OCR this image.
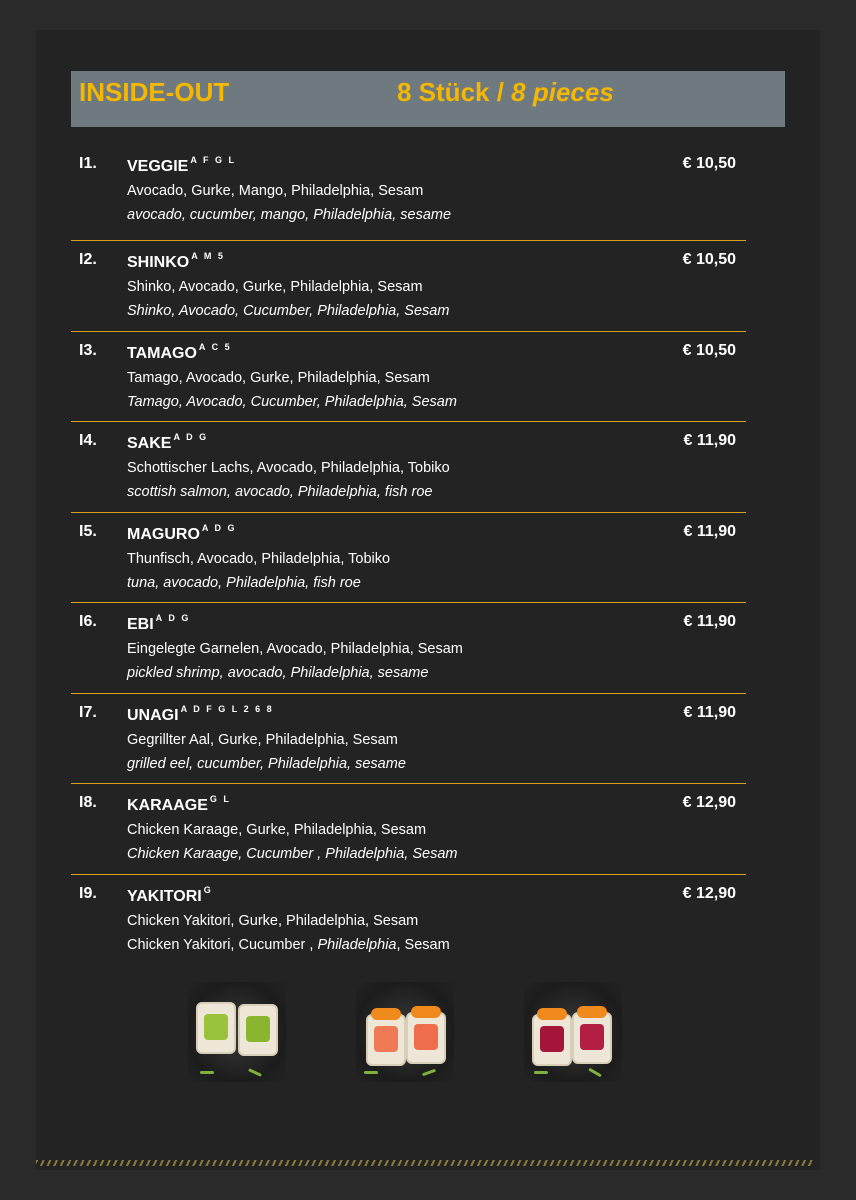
INSIDE-OUT	8 Stück / 8 pieces
I1. VEGGIE $^{A F G L}$	€ 10,50
Avocado, Gurke, Mango, Philadelphia, Sesam
avocado, cucumber, mango, Philadelphia, sesame
I2. SHINKO $^{A M 5}$	€ 10,50
Shinko, Avocado, Gurke, Philadelphia, Sesam
Shinko, Avocado, Cucumber, Philadelphia, Sesam
I3. TAMAGO $^{A C 5}$	€ 10,50
Tamago, Avocado, Gurke, Philadelphia, Sesam
Tamago, Avocado, Cucumber, Philadelphia, Sesam
I4. SAKE $^{A D G}$	€ 11,90
Schottischer Lachs, Avocado, Philadelphia, Tobiko
scottish salmon, avocado, Philadelphia, fish roe
I5. MAGURO $^{A D G}$	€ 11,90
Thunfisch, Avocado, Philadelphia, Tobiko
tuna, avocado, Philadelphia, fish roe
I6. EBI $^{A D G}$	€ 11,90
Eingelegte Garnelen, Avocado, Philadelphia, Sesam
pickled shrimp, avocado, Philadelphia, sesame
I7. UNAGI $^{A D F G L 2 6 8}$	€ 11,90
Gegrillter Aal, Gurke, Philadelphia, Sesam
grilled eel, cucumber, Philadelphia, sesame
I8. KARAAGE $^{G L}$	€ 12,90
Chicken Karaage, Gurke, Philadelphia, Sesam
Chicken Karaage, Cucumber , Philadelphia, Sesam
I9. YAKITORI $^G$	€ 12,90
Chicken Yakitori, Gurke, Philadelphia, Sesam
Chicken Yakitori, Cucumber , Philadelphia, Sesam
